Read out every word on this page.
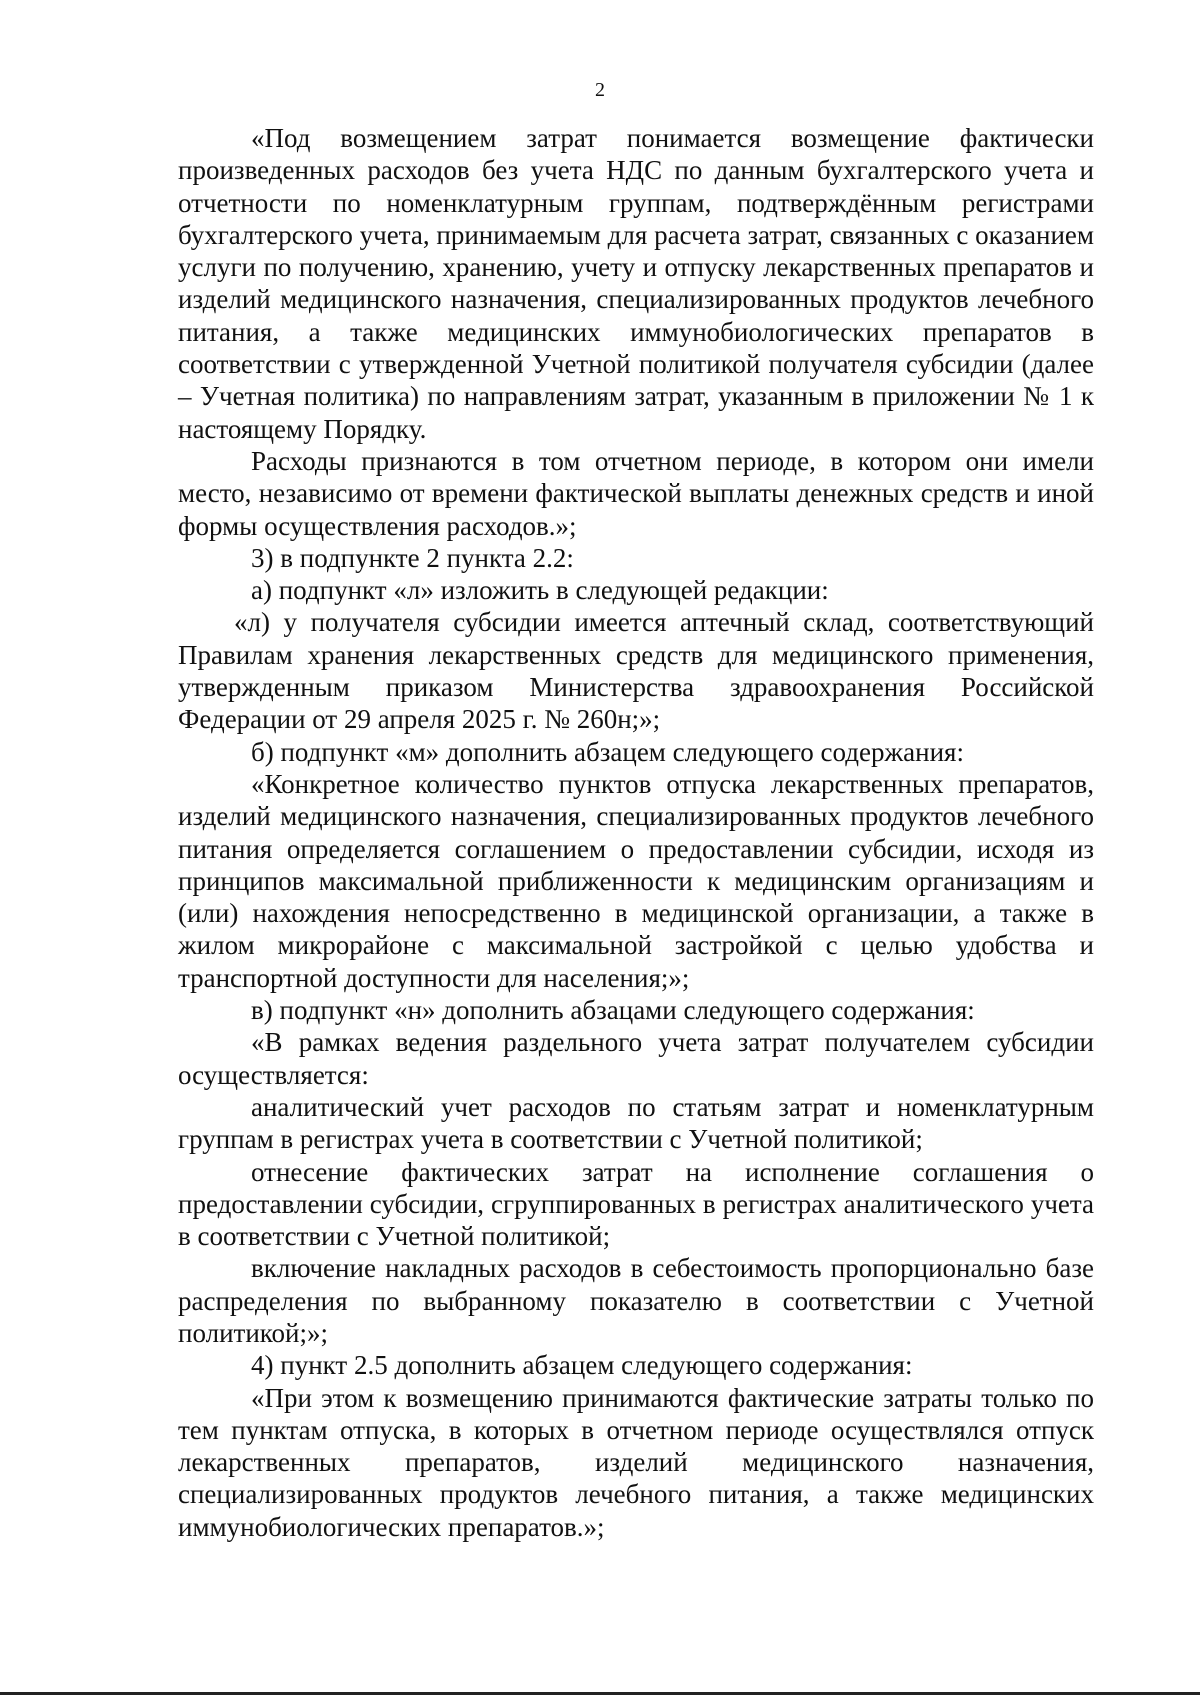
2

«Под возмещением затрат понимается возмещение фактически произведенных расходов без учета НДС по данным бухгалтерского учета и отчетности по номенклатурным группам, подтверждённым регистрами бухгалтерского учета, принимаемым для расчета затрат, связанных с оказанием услуги по получению, хранению, учету и отпуску лекарственных препаратов и изделий медицинского назначения, специализированных продуктов лечебного питания, а также медицинских иммунобиологических препаратов в соответствии с утвержденной Учетной политикой получателя субсидии (далее – Учетная политика) по направлениям затрат, указанным в приложении № 1 к настоящему Порядку.

Расходы признаются в том отчетном периоде, в котором они имели место, независимо от времени фактической выплаты денежных средств и иной формы осуществления расходов.»;

3) в подпункте 2 пункта 2.2:

а) подпункт «л» изложить в следующей редакции:

«л) у получателя субсидии имеется аптечный склад, соответствующий Правилам хранения лекарственных средств для медицинского применения, утвержденным приказом Министерства здравоохранения Российской Федерации от 29 апреля 2025 г. № 260н;»;

б) подпункт «м» дополнить абзацем следующего содержания:

«Конкретное количество пунктов отпуска лекарственных препаратов, изделий медицинского назначения, специализированных продуктов лечебного питания определяется соглашением о предоставлении субсидии, исходя из принципов максимальной приближенности к медицинским организациям и (или) нахождения непосредственно в медицинской организации, а также в жилом микрорайоне с максимальной застройкой с целью удобства и транспортной доступности для населения;»;

в) подпункт «н» дополнить абзацами следующего содержания:

«В рамках ведения раздельного учета затрат получателем субсидии осуществляется:

аналитический учет расходов по статьям затрат и номенклатурным группам в регистрах учета в соответствии с Учетной политикой;

отнесение фактических затрат на исполнение соглашения о предоставлении субсидии, сгруппированных в регистрах аналитического учета в соответствии с Учетной политикой;

включение накладных расходов в себестоимость пропорционально базе распределения по выбранному показателю в соответствии с Учетной политикой;»;

4) пункт 2.5 дополнить абзацем следующего содержания:

«При этом к возмещению принимаются фактические затраты только по тем пунктам отпуска, в которых в отчетном периоде осуществлялся отпуск лекарственных препаратов, изделий медицинского назначения, специализированных продуктов лечебного питания, а также медицинских иммунобиологических препаратов.»;
